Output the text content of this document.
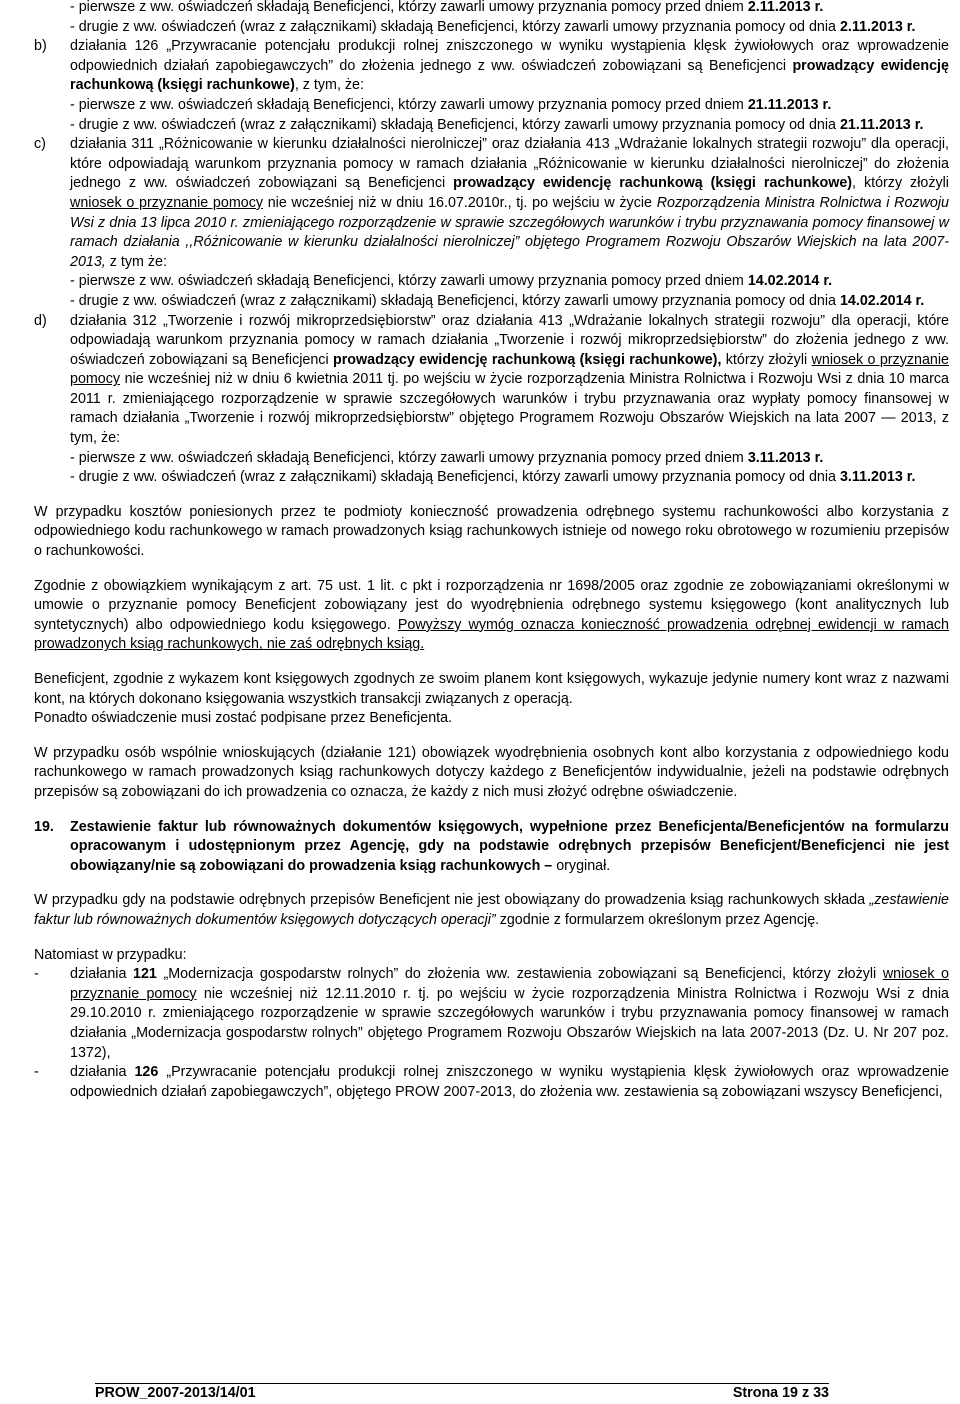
- pierwsze z ww. oświadczeń składają Beneficjenci, którzy zawarli umowy przyznania pomocy przed dniem 2.11.2013 r.
- drugie z ww. oświadczeń (wraz z załącznikami) składają Beneficjenci, którzy zawarli umowy przyznania pomocy od dnia 2.11.2013 r.
b)	działania 126 „Przywracanie potencjału produkcji rolnej zniszczonego w wyniku wystąpienia klęsk żywiołowych oraz wprowadzenie odpowiednich działań zapobiegawczych” do złożenia jednego z ww. oświadczeń zobowiązani są Beneficjenci prowadzący ewidencję rachunkową (księgi rachunkowe), z tym, że:
- pierwsze z ww. oświadczeń składają Beneficjenci, którzy zawarli umowy przyznania pomocy przed dniem 21.11.2013 r.
- drugie z ww. oświadczeń (wraz z załącznikami) składają Beneficjenci, którzy zawarli umowy przyznania pomocy od dnia 21.11.2013 r.
c)	działania 311 „Różnicowanie w kierunku działalności nierolniczej” oraz działania 413 „Wdrażanie lokalnych strategii rozwoju” dla operacji, które odpowiadają warunkom przyznania pomocy w ramach działania „Różnicowanie w kierunku działalności nierolniczej” do złożenia jednego z ww. oświadczeń zobowiązani są Beneficjenci prowadzący ewidencję rachunkową (księgi rachunkowe), którzy złożyli wniosek o przyznanie pomocy nie wcześniej niż w dniu 16.07.2010r., tj. po wejściu w życie Rozporządzenia Ministra Rolnictwa i Rozwoju Wsi z dnia 13 lipca 2010 r. zmieniającego rozporządzenie w sprawie szczegółowych warunków i trybu przyznawania pomocy finansowej w ramach działania ,,Różnicowanie w kierunku działalności nierolniczej” objętego Programem Rozwoju Obszarów Wiejskich na lata 2007-2013, z tym że:
- pierwsze z ww. oświadczeń składają Beneficjenci, którzy zawarli umowy przyznania pomocy przed dniem 14.02.2014 r.
- drugie z ww. oświadczeń (wraz z załącznikami) składają Beneficjenci, którzy zawarli umowy przyznania pomocy od dnia 14.02.2014 r.
d)	działania 312 „Tworzenie i rozwój mikroprzedsiębiorstw” oraz działania 413 „Wdrażanie lokalnych strategii rozwoju” dla operacji, które odpowiadają warunkom przyznania pomocy w ramach działania „Tworzenie i rozwój mikroprzedsiębiorstw” do złożenia jednego z ww. oświadczeń zobowiązani są Beneficjenci prowadzący ewidencję rachunkową (księgi rachunkowe), którzy złożyli wniosek o przyznanie pomocy nie wcześniej niż w dniu 6 kwietnia 2011 tj. po wejściu w życie rozporządzenia Ministra Rolnictwa i Rozwoju Wsi z dnia 10 marca 2011 r. zmieniającego rozporządzenie w sprawie szczegółowych warunków i trybu przyznawania oraz wypłaty pomocy finansowej w ramach działania „Tworzenie i rozwój mikroprzedsiębiorstw” objętego Programem Rozwoju Obszarów Wiejskich na lata 2007 — 2013, z tym, że:
- pierwsze z ww. oświadczeń składają Beneficjenci, którzy zawarli umowy przyznania pomocy przed dniem 3.11.2013 r.
- drugie z ww. oświadczeń (wraz z załącznikami) składają Beneficjenci, którzy zawarli umowy przyznania pomocy od dnia 3.11.2013 r.

W przypadku kosztów poniesionych przez te podmioty konieczność prowadzenia odrębnego systemu rachunkowości albo korzystania z odpowiedniego kodu rachunkowego w ramach prowadzonych ksiąg rachunkowych istnieje od nowego roku obrotowego w rozumieniu przepisów o rachunkowości.

Zgodnie z obowiązkiem wynikającym z art. 75 ust. 1 lit. c pkt i rozporządzenia nr 1698/2005 oraz zgodnie ze zobowiązaniami określonymi w umowie o przyznanie pomocy Beneficjent zobowiązany jest do wyodrębnienia odrębnego systemu księgowego (kont analitycznych lub syntetycznych) albo odpowiedniego kodu księgowego. Powyższy wymóg oznacza konieczność prowadzenia odrębnej ewidencji w ramach prowadzonych ksiąg rachunkowych, nie zaś odrębnych ksiąg.

Beneficjent, zgodnie z wykazem kont księgowych zgodnych ze swoim planem kont księgowych, wykazuje jedynie numery kont wraz z nazwami kont, na których dokonano księgowania wszystkich transakcji związanych z operacją.

Ponadto oświadczenie musi zostać podpisane przez Beneficjenta.

W przypadku osób wspólnie wnioskujących (działanie 121) obowiązek wyodrębnienia osobnych kont albo korzystania z odpowiedniego kodu rachunkowego w ramach prowadzonych ksiąg rachunkowych dotyczy każdego z Beneficjentów indywidualnie, jeżeli na podstawie odrębnych przepisów są zobowiązani do ich prowadzenia co oznacza, że każdy z nich musi złożyć odrębne oświadczenie.

19.	Zestawienie faktur lub równoważnych dokumentów księgowych, wypełnione przez Beneficjenta/Beneficjentów na formularzu opracowanym i udostępnionym przez Agencję, gdy na podstawie odrębnych przepisów Beneficjent/Beneficjenci nie jest obowiązany/nie są zobowiązani do prowadzenia ksiąg rachunkowych – oryginał.

W przypadku gdy na podstawie odrębnych przepisów Beneficjent nie jest obowiązany do prowadzenia ksiąg rachunkowych składa „zestawienie faktur lub równoważnych dokumentów księgowych dotyczących operacji” zgodnie z formularzem określonym przez Agencję.

Natomiast w przypadku:

-	działania 121 „Modernizacja gospodarstw rolnych” do złożenia ww. zestawienia zobowiązani są Beneficjenci, którzy złożyli wniosek o przyznanie pomocy nie wcześniej niż 12.11.2010 r. tj. po wejściu w życie rozporządzenia Ministra Rolnictwa i Rozwoju Wsi z dnia 29.10.2010 r. zmieniającego rozporządzenie w sprawie szczegółowych warunków i trybu przyznawania pomocy finansowej w ramach działania „Modernizacja gospodarstw rolnych” objętego Programem Rozwoju Obszarów Wiejskich na lata 2007-2013 (Dz. U. Nr 207 poz. 1372),
-	działania 126 „Przywracanie potencjału produkcji rolnej zniszczonego w wyniku wystąpienia klęsk żywiołowych oraz wprowadzenie odpowiednich działań zapobiegawczych”, objętego PROW 2007-2013, do złożenia ww. zestawienia są zobowiązani wszyscy Beneficjenci,
PROW_2007-2013/14/01	Strona 19 z 33
